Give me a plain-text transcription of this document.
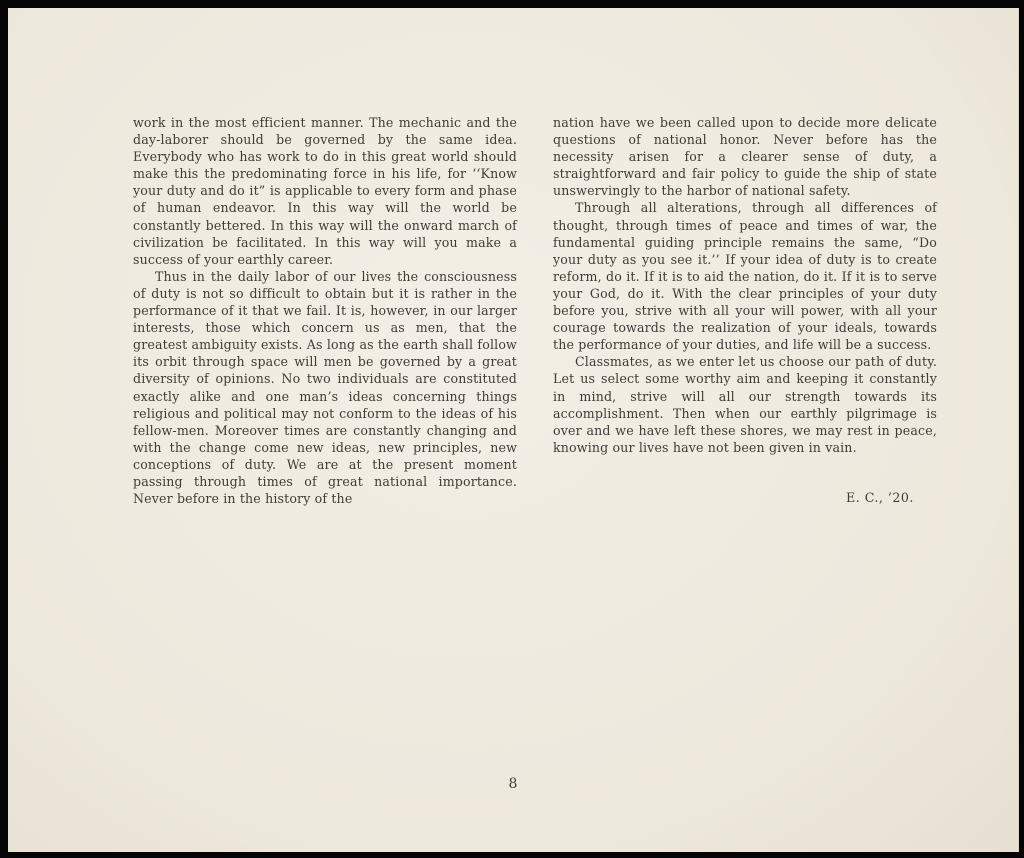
work in the most efficient manner. The mechanic and the day-laborer should be governed by the same idea. Everybody who has work to do in this great world should make this the predominating force in his life, for ‘‘Know your duty and do it” is applicable to every form and phase of human endeavor. In this way will the world be constantly bettered. In this way will the onward march of civilization be facilitated. In this way will you make a success of your earthly career.

Thus in the daily labor of our lives the consciousness of duty is not so difficult to obtain but it is rather in the performance of it that we fail. It is, however, in our larger interests, those which concern us as men, that the greatest ambiguity exists. As long as the earth shall follow its orbit through space will men be governed by a great diversity of opinions. No two individuals are constituted exactly alike and one man’s ideas concerning things religious and political may not conform to the ideas of his fellow-men. Moreover times are constantly changing and with the change come new ideas, new principles, new conceptions of duty. We are at the present moment passing through times of great national importance. Never before in the history of the

nation have we been called upon to decide more delicate questions of national honor. Never before has the necessity arisen for a clearer sense of duty, a straightforward and fair policy to guide the ship of state unswervingly to the harbor of national safety.

Through all alterations, through all differences of thought, through times of peace and times of war, the fundamental guiding principle remains the same, “Do your duty as you see it.’’ If your idea of duty is to create reform, do it. If it is to aid the nation, do it. If it is to serve your God, do it. With the clear principles of your duty before you, strive with all your will power, with all your courage towards the realization of your ideals, towards the performance of your duties, and life will be a success.

Classmates, as we enter let us choose our path of duty. Let us select some worthy aim and keeping it constantly in mind, strive will all our strength towards its accomplishment. Then when our earthly pilgrimage is over and we have left these shores, we may rest in peace, knowing our lives have not been given in vain.

E. C., ’20.
8
